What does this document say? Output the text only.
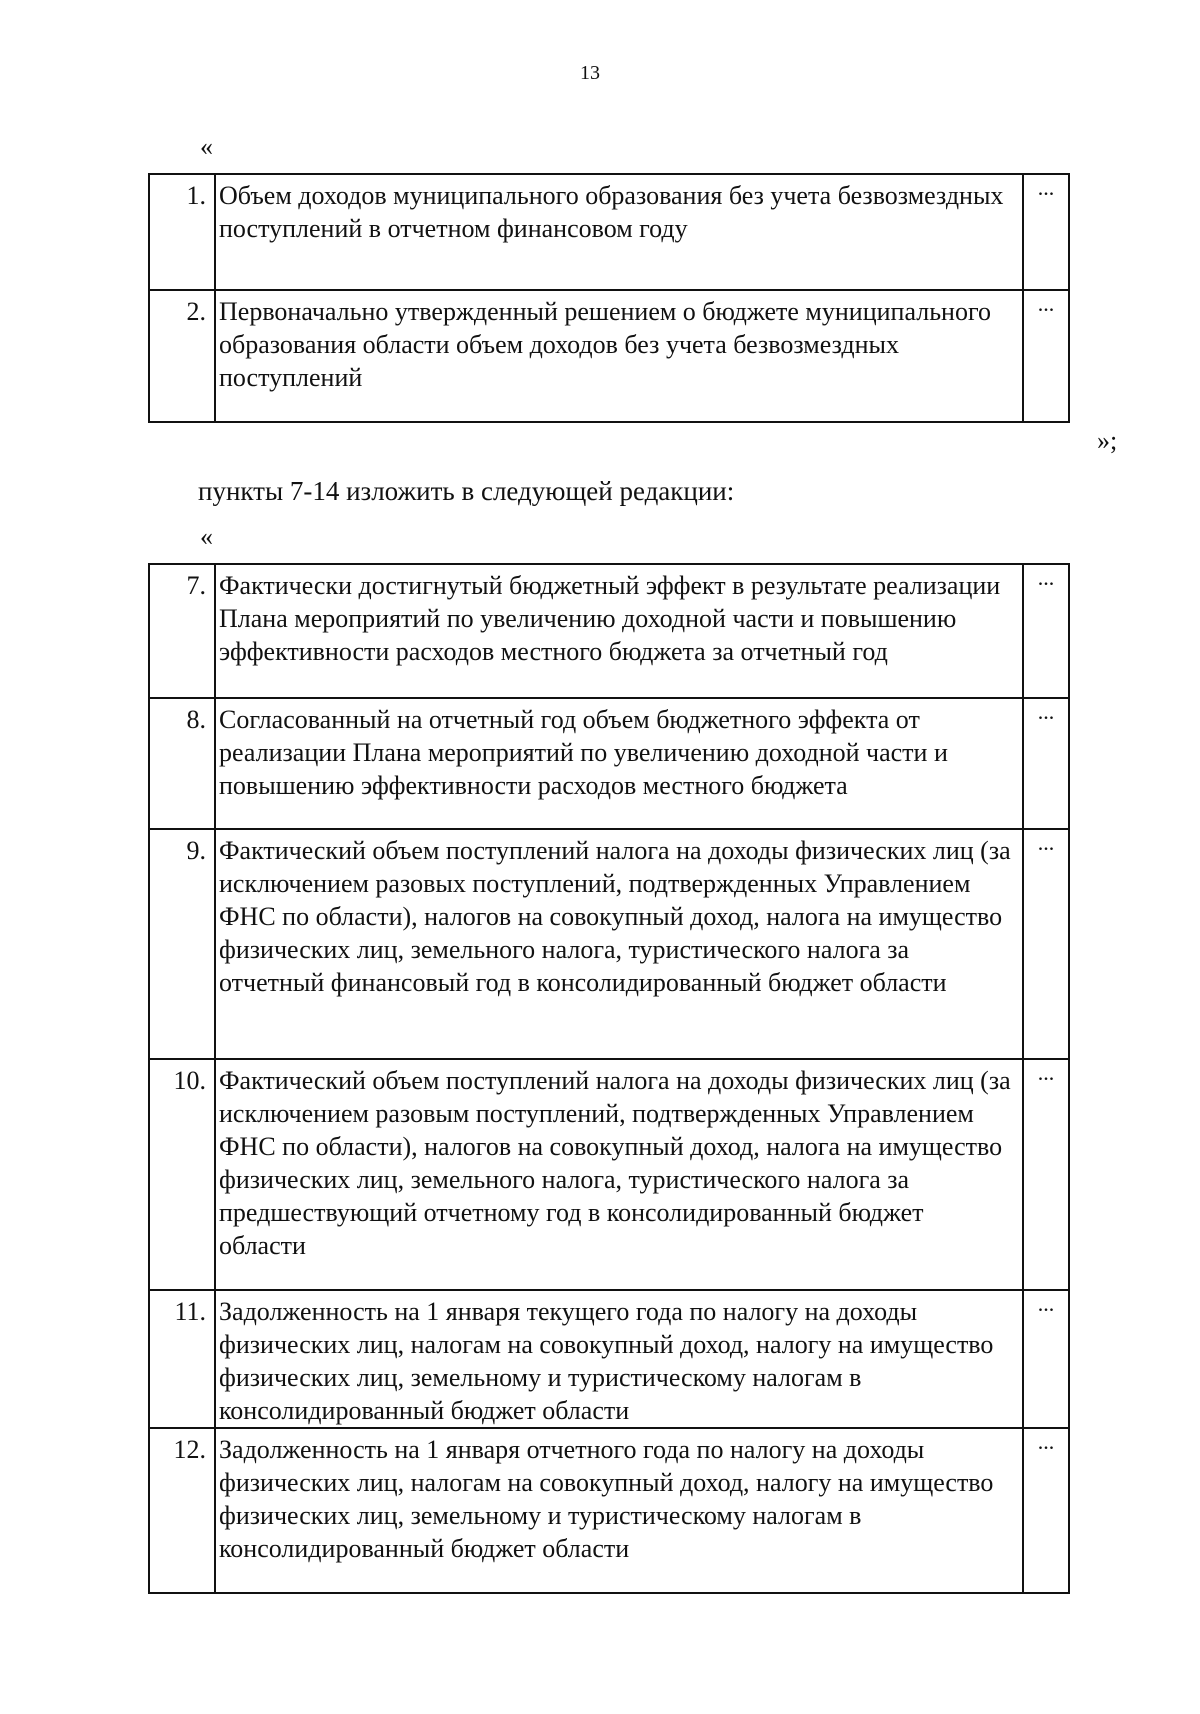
13
«
1.	Объем доходов муниципального образования без учета безвозмездных поступлений в отчетном финансовом году	...
2.	Первоначально утвержденный решением о бюджете муниципального образования области объем доходов без учета безвозмездных поступлений	...
»;
пункты 7-14 изложить в следующей редакции:
«
7.	Фактически достигнутый бюджетный эффект в результате реализации Плана мероприятий по увеличению доходной части и повышению эффективности расходов местного бюджета за отчетный год	...
8.	Согласованный на отчетный год объем бюджетного эффекта от реализации Плана мероприятий по увеличению доходной части и повышению эффективности расходов местного бюджета	...
9.	Фактический объем поступлений налога на доходы физических лиц (за исключением разовых поступлений, подтвержденных Управлением ФНС по области), налогов на совокупный доход, налога на имущество физических лиц, земельного налога, туристического налога за отчетный финансовый год в консолидированный бюджет области	...
10.	Фактический объем поступлений налога на доходы физических лиц (за исключением разовым поступлений, подтвержденных Управлением ФНС по области), налогов на совокупный доход, налога на имущество физических лиц, земельного налога, туристического налога за предшествующий отчетному год в консолидированный бюджет области	...
11.	Задолженность на 1 января текущего года по налогу на доходы физических лиц, налогам на совокупный доход, налогу на имущество физических лиц, земельному и туристическому налогам в консолидированный бюджет области	...
12.	Задолженность на 1 января отчетного года по налогу на доходы физических лиц, налогам на совокупный доход, налогу на имущество физических лиц, земельному и туристическому налогам в консолидированный бюджет области	...
